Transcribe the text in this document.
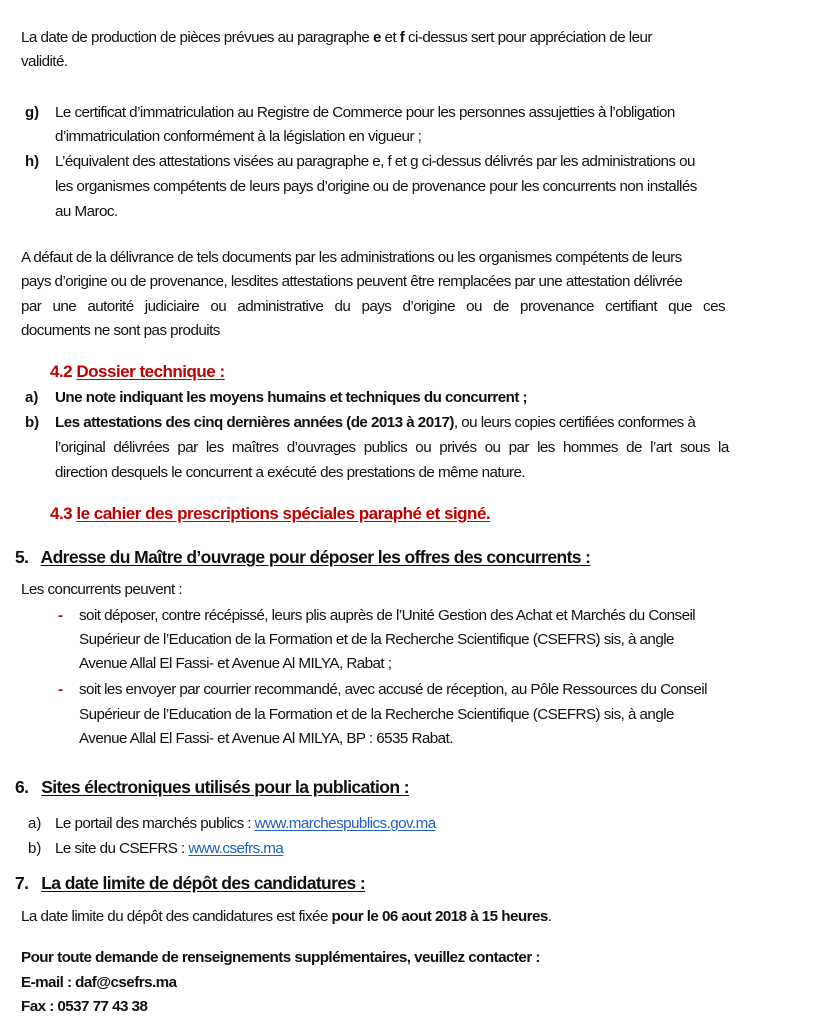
La date de production de pièces prévues au paragraphe e et f ci-dessus sert pour appréciation de leur
validité.
g) Le certificat d’immatriculation au Registre de Commerce pour les personnes assujetties à l’obligation
d’immatriculation conformément à la législation en vigueur ;
h) L’équivalent des attestations visées au paragraphe e, f et g ci-dessus délivrés par les administrations ou
les organismes compétents de leurs pays d’origine ou de provenance pour les concurrents non installés
au Maroc.
A défaut de la délivrance de tels documents par les administrations ou les organismes compétents de leurs
pays d’origine ou de provenance, lesdites attestations peuvent être remplacées par une attestation délivrée
par une autorité judiciaire ou administrative du pays d’origine ou de provenance certifiant que ces
documents ne sont pas produits
4.2 Dossier technique :
a) Une note indiquant les moyens humains et techniques du concurrent ;
b) Les attestations des cinq dernières années (de 2013 à 2017), ou leurs copies certifiées conformes à
l’original délivrées par les maîtres d’ouvrages publics ou privés ou par les hommes de l’art sous la
direction desquels le concurrent a exécuté des prestations de même nature.
4.3 le cahier des prescriptions spéciales paraphé et signé.
5. Adresse du Maître d’ouvrage pour déposer les offres des concurrents :
Les concurrents peuvent :
- soit déposer, contre récépissé, leurs plis auprès de l’Unité Gestion des Achat et Marchés du Conseil
Supérieur de l’Education de la Formation et de la Recherche Scientifique (CSEFRS) sis, à angle
Avenue Allal El Fassi- et Avenue Al MILYA, Rabat ;
- soit les envoyer par courrier recommandé, avec accusé de réception, au Pôle Ressources du Conseil
Supérieur de l’Education de la Formation et de la Recherche Scientifique (CSEFRS) sis, à angle
Avenue Allal El Fassi- et Avenue Al MILYA, BP : 6535 Rabat.
6. Sites électroniques utilisés pour la publication :
a) Le portail des marchés publics : www.marchespublics.gov.ma
b) Le site du CSEFRS : www.csefrs.ma
7. La date limite de dépôt des candidatures :
La date limite du dépôt des candidatures est fixée pour le 06 aout 2018 à 15 heures.
Pour toute demande de renseignements supplémentaires, veuillez contacter :
E-mail : daf@csefrs.ma
Fax : 0537 77 43 38
